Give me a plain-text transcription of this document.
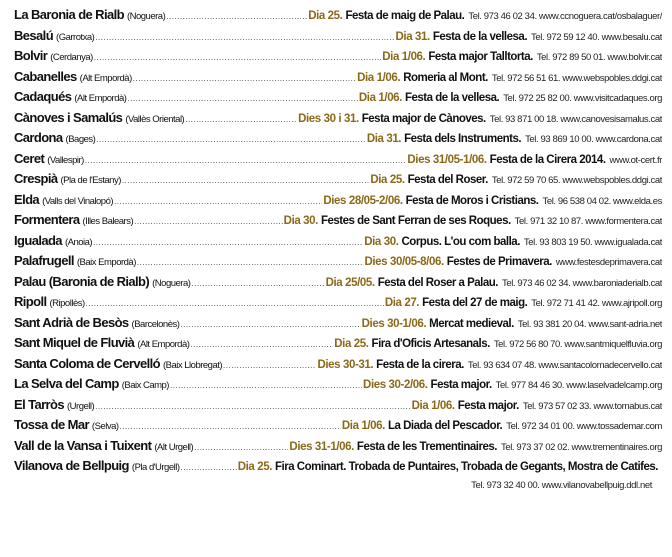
La Baronia de Rialb (Noguera) .....	Dia 25. Festa de maig de Palau. Tel. 973 46 02 34. www.ccnoguera.cat/osbalaguer/
Besalú (Garrotxa) .....	Dia 31. Festa de la vellesa. Tel. 972 59 12 40. www.besalu.cat
Bolvir (Cerdanya) .....	Dia 1/06. Festa major Talltorta. Tel. 972 89 50 01. www.bolvir.cat
Cabanelles (Alt Empordà) .....	Dia 1/06. Romeria al Mont. Tel. 972 56 51 61. www.webspobles.ddgi.cat
Cadaqués (Alt Empordà) .....	Dia 1/06. Festa de la vellesa. Tel. 972 25 82 00. www.visitcadaques.org
Cànoves i Samalús (Vallès Oriental) .....	Dies 30 i 31. Festa major de Cànoves. Tel. 93 871 00 18. www.canovesisamalus.cat
Cardona (Bages) .....	Dia 31. Festa dels Instruments. Tel. 93 869 10 00. www.cardona.cat
Ceret (Vallespir) .....	Dies 31/05-1/06. Festa de la Cirera 2014. www.ot-cert.fr
Crespià (Pla de l'Estany) .....	Dia 25. Festa del Roser. Tel. 972 59 70 65. www.webspobles.ddgi.cat
Elda (Valls del Vinalopó) .....	Dies 28/05-2/06. Festa de Moros i Cristians. Tel. 96 538 04 02. www.elda.es
Formentera (Illes Balears) .....	Dia 30. Festes de Sant Ferran de ses Roques. Tel. 971 32 10 87. www.formentera.cat
Igualada (Anoia) .....	Dia 30. Corpus. L'ou com balla. Tel. 93 803 19 50. www.igualada.cat
Palafrugell (Baix Empordà) .....	Dies 30/05-8/06. Festes de Primavera. www.festesdeprimavera.cat
Palau (Baronia de Rialb) (Noguera) .....	Dia 25/05. Festa del Roser a Palau. Tel. 973 46 02 34. www.baroniaderialb.cat
Ripoll (Ripollès) .....	Dia 27. Festa del 27 de maig. Tel. 972 71 41 42. www.ajripoll.org
Sant Adrià de Besòs (Barcelonès) .....	Dies 30-1/06. Mercat medieval. Tel. 93 381 20 04. www.sant-adria.net
Sant Miquel de Fluvià (Alt Empordà) .....	Dia 25. Fira d'Oficis Artesanals. Tel. 972 56 80 70. www.santmiquelfluvia.org
Santa Coloma de Cervelló (Baix Llobregat) .....	Dies 30-31. Festa de la cirera. Tel. 93 634 07 48. www.santacolomadecervello.cat
La Selva del Camp (Baix Camp) .....	Dies 30-2/06. Festa major. Tel. 977 84 46 30. www.laselvadelcamp.org
El Tarròs (Urgell) .....	Dia 1/06. Festa major. Tel. 973 57 02 33. www.tornabus.cat
Tossa de Mar (Selva) .....	Dia 1/06. La Diada del Pescador. Tel. 972 34 01 00. www.tossademar.com
Vall de la Vansa i Tuixent (Alt Urgell) .....	Dies 31-1/06. Festa de les Trementinaires. Tel. 973 37 02 02. www.trementinaires.org
Vilanova de Bellpuig (Pla d'Urgell) .....	Dia 25. Fira Cominart. Trobada de Puntaires, Trobada de Gegants, Mostra de Catifes.
Tel. 973 32 40 00. www.vilanovabellpuig.ddl.net
